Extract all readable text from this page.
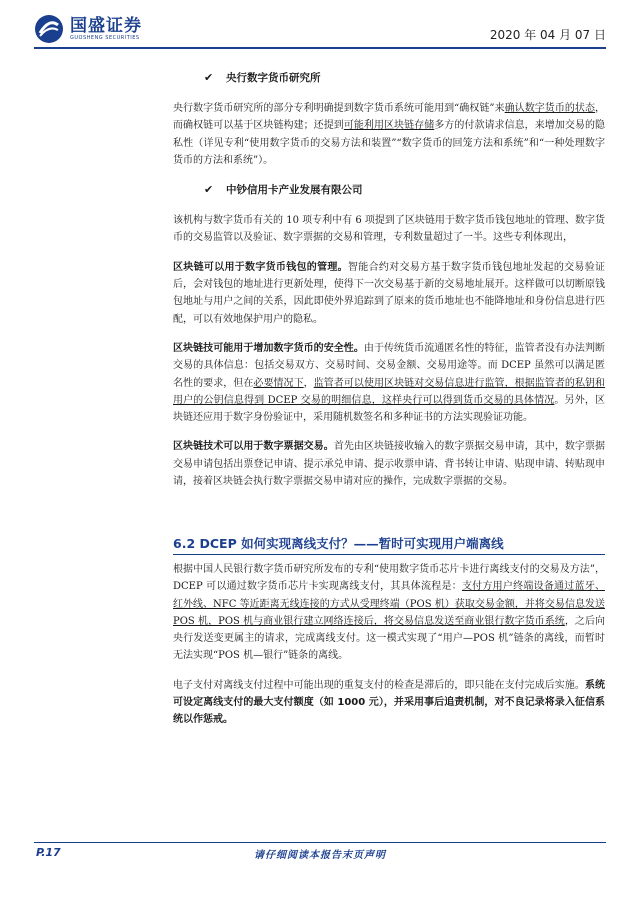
国盛证券
GUOSHENG SECURITIES	2020 年 04 月 07 日
✔	央行数字货币研究所

央行数字货币研究所的部分专利明确提到数字货币系统可能用到“确权链”来确认数字货币的状态，而确权链可以基于区块链构建；还提到可能利用区块链存储多方的付款请求信息，来增加交易的隐私性（详见专利“使用数字货币的交易方法和装置”“数字货币的回笼方法和系统”和“一种处理数字货币的方法和系统”）。

✔	中钞信用卡产业发展有限公司

该机构与数字货币有关的 10 项专利中有 6 项提到了区块链用于数字货币钱包地址的管理、数字货币的交易监管以及验证、数字票据的交易和管理，专利数量超过了一半。这些专利体现出，

区块链可以用于数字货币钱包的管理。智能合约对交易方基于数字货币钱包地址发起的交易验证后，会对钱包的地址进行更新处理，使得下一次交易基于新的交易地址展开。这样做可以切断原钱包地址与用户之间的关系，因此即使外界追踪到了原来的货币地址也不能降地址和身份信息进行匹配，可以有效地保护用户的隐私。

区块链技可能用于增加数字货币的安全性。由于传统货币流通匿名性的特征，监管者没有办法判断交易的具体信息：包括交易双方、交易时间、交易金额、交易用途等。而 DCEP 虽然可以满足匿名性的要求，但在必要情况下，监管者可以使用区块链对交易信息进行监管，根据监管者的私钥和用户的公钥信息得到 DCEP 交易的明细信息，这样央行可以得到货币交易的具体情况。另外，区块链还应用于数字身份验证中，采用随机数签名和多种证书的方法实现验证功能。

区块链技术可以用于数字票据交易。首先由区块链接收输入的数字票据交易申请，其中，数字票据交易申请包括出票登记申请、提示承兑申请、提示收票申请、背书转让申请、贴现申请、转贴现申请，接着区块链会执行数字票据交易申请对应的操作，完成数字票据的交易。

6.2 DCEP 如何实现离线支付？——暂时可实现用户端离线

根据中国人民银行数字货币研究所发布的专利“使用数字货币芯片卡进行离线支付的交易及方法”，DCEP 可以通过数字货币芯片卡实现离线支付，其具体流程是：支付方用户终端设备通过蓝牙、红外线、NFC 等近距离无线连接的方式从受理终端（POS 机）获取交易金额，并将交易信息发送 POS 机，POS 机与商业银行建立网络连接后，将交易信息发送至商业银行数字货币系统，之后向央行发送变更属主的请求，完成离线支付。这一模式实现了“用户—POS 机”链条的离线，而暂时无法实现“POS 机—银行”链条的离线。

电子支付对离线支付过程中可能出现的重复支付的检查是滞后的，即只能在支付完成后实施。系统可设定离线支付的最大支付额度（如 1000 元），并采用事后追责机制，对不良记录将录入征信系统以作惩戒。

P.17	请仔细阅读本报告末页声明
